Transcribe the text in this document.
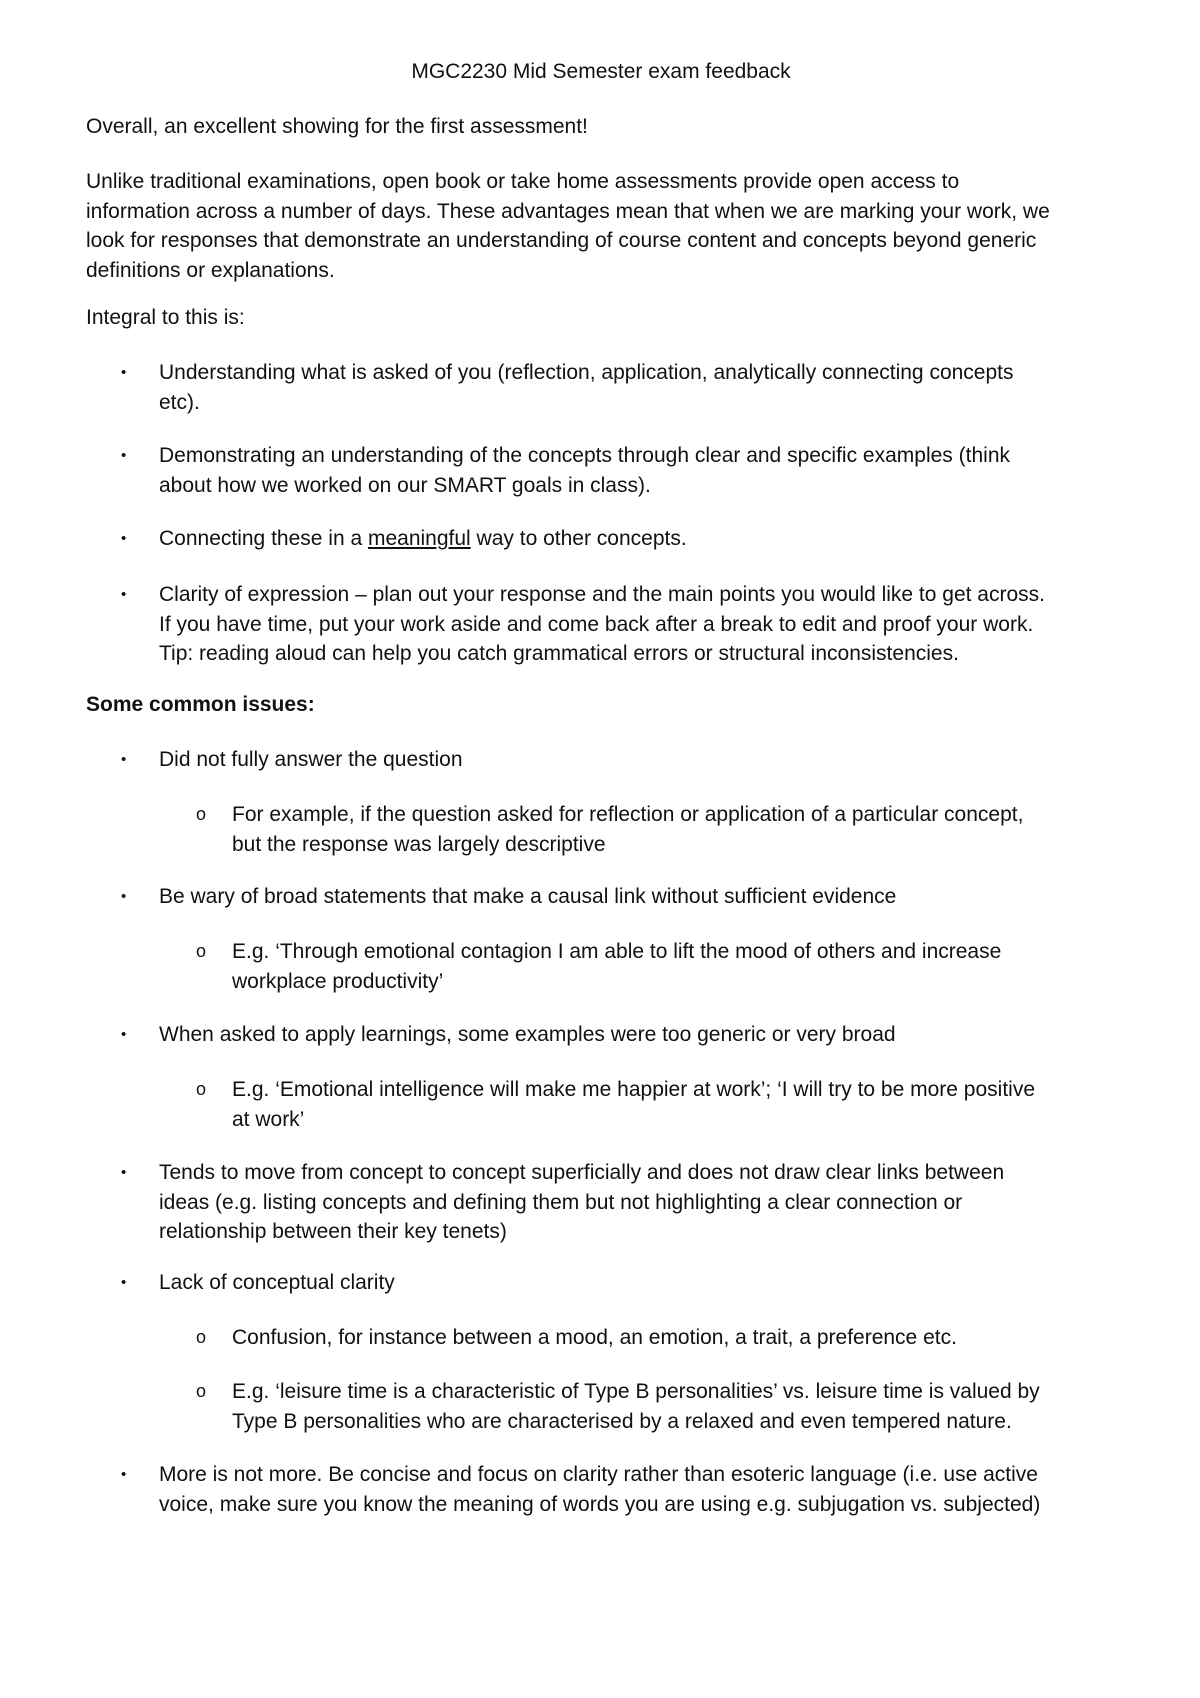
MGC2230 Mid Semester exam feedback
Overall, an excellent showing for the first assessment!
Unlike traditional examinations, open book or take home assessments provide open access to
information across a number of days. These advantages mean that when we are marking your work, we
look for responses that demonstrate an understanding of course content and concepts beyond generic
definitions or explanations.
Integral to this is:
• Understanding what is asked of you (reflection, application, analytically connecting concepts
etc).
• Demonstrating an understanding of the concepts through clear and specific examples (think
about how we worked on our SMART goals in class).
• Connecting these in a meaningful way to other concepts.
• Clarity of expression – plan out your response and the main points you would like to get across.
If you have time, put your work aside and come back after a break to edit and proof your work.
Tip: reading aloud can help you catch grammatical errors or structural inconsistencies.
Some common issues:
• Did not fully answer the question
o For example, if the question asked for reflection or application of a particular concept,
but the response was largely descriptive
• Be wary of broad statements that make a causal link without sufficient evidence
o E.g. ‘Through emotional contagion I am able to lift the mood of others and increase
workplace productivity’
• When asked to apply learnings, some examples were too generic or very broad
o E.g. ‘Emotional intelligence will make me happier at work’; ‘I will try to be more positive
at work’
• Tends to move from concept to concept superficially and does not draw clear links between
ideas (e.g. listing concepts and defining them but not highlighting a clear connection or
relationship between their key tenets)
• Lack of conceptual clarity
o Confusion, for instance between a mood, an emotion, a trait, a preference etc.
o E.g. ‘leisure time is a characteristic of Type B personalities’ vs. leisure time is valued by
Type B personalities who are characterised by a relaxed and even tempered nature.
• More is not more. Be concise and focus on clarity rather than esoteric language (i.e. use active
voice, make sure you know the meaning of words you are using e.g. subjugation vs. subjected)
